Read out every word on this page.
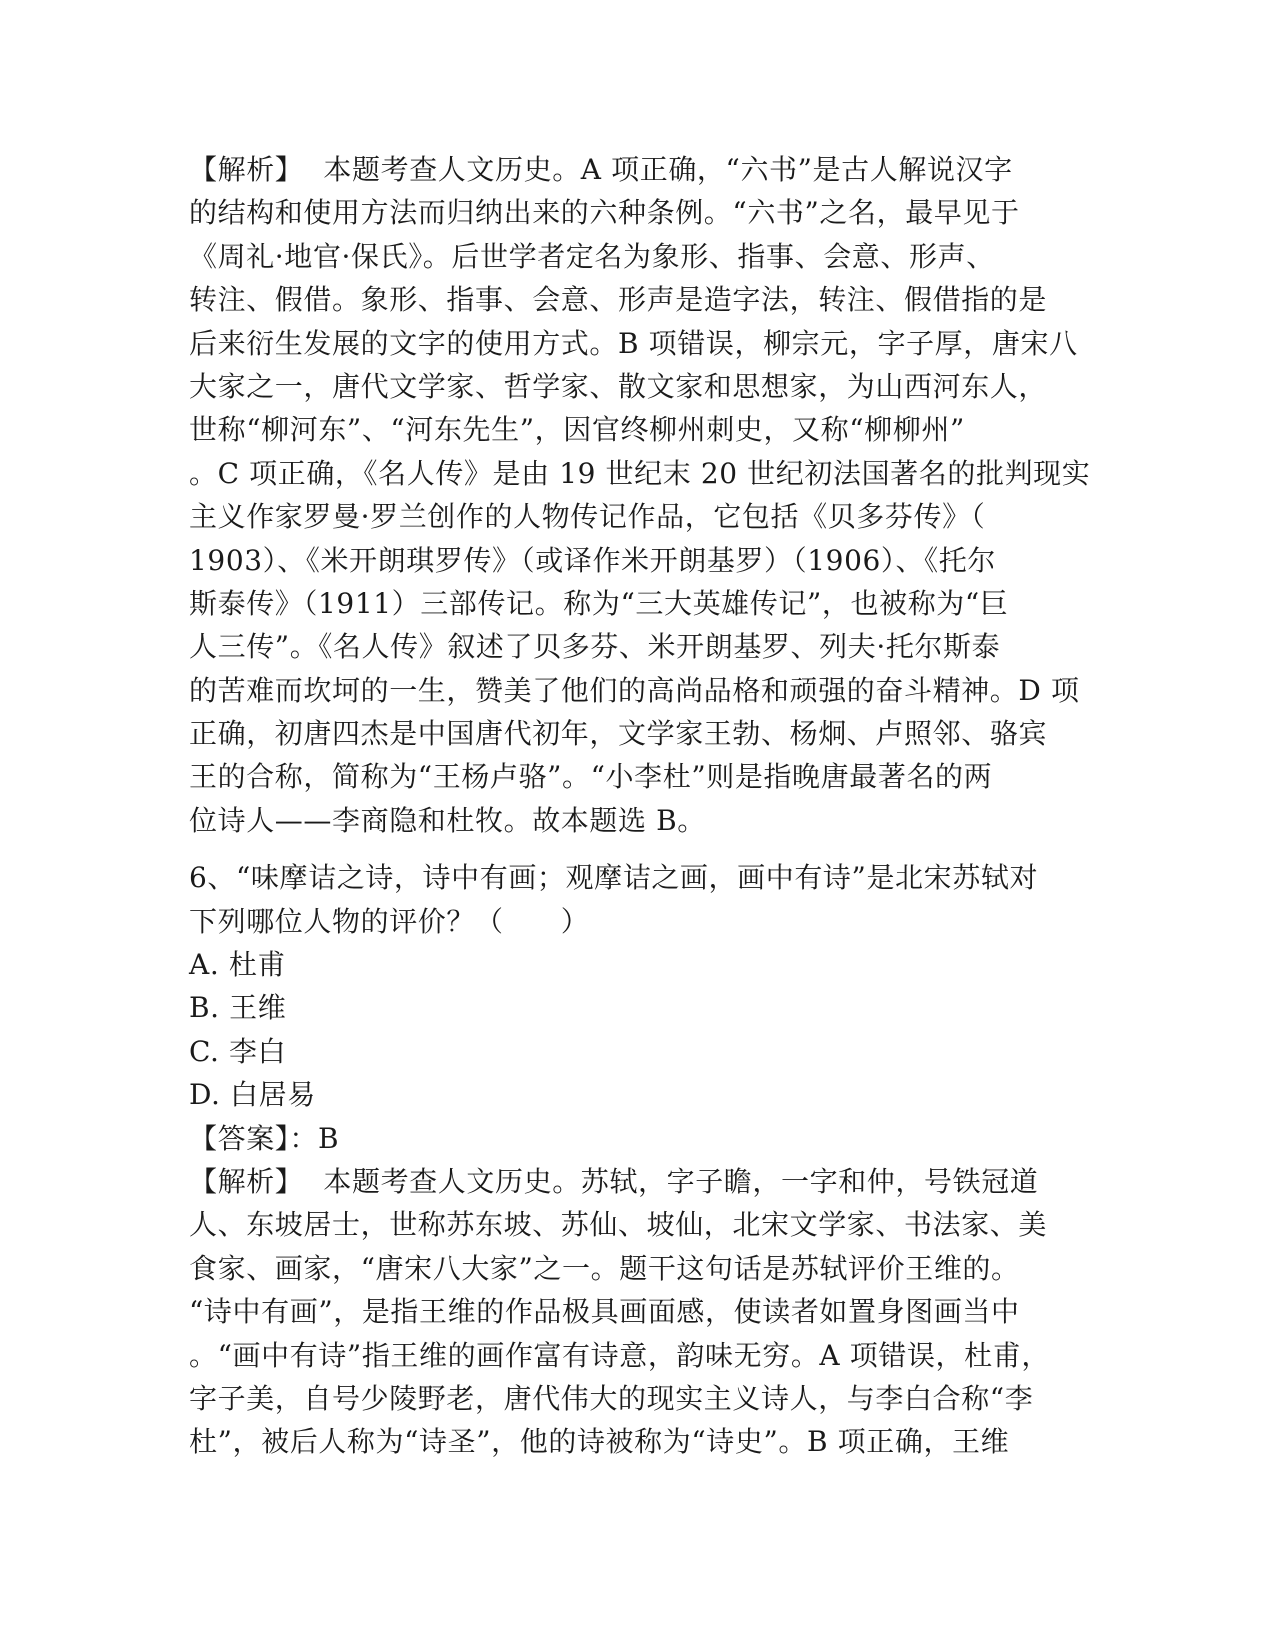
【解析】 本题考查人文历史。A 项正确，“六书”是古人解说汉字
的结构和使用方法而归纳出来的六种条例。“六书”之名，最早见于
《周礼·地官·保氏》。后世学者定名为象形、指事、会意、形声、
转注、假借。象形、指事、会意、形声是造字法，转注、假借指的是
后来衍生发展的文字的使用方式。B 项错误，柳宗元，字子厚，唐宋八
大家之一，唐代文学家、哲学家、散文家和思想家，为山西河东人，
世称“柳河东”、“河东先生”，因官终柳州刺史，又称“柳柳州”
。C 项正确，《名人传》是由 19 世纪末 20 世纪初法国著名的批判现实
主义作家罗曼·罗兰创作的人物传记作品，它包括《贝多芬传》（
1903）、《米开朗琪罗传》（或译作米开朗基罗）（1906）、《托尔
斯泰传》（1911）三部传记。称为“三大英雄传记”，也被称为“巨
人三传”。《名人传》叙述了贝多芬、米开朗基罗、列夫·托尔斯泰
的苦难而坎坷的一生，赞美了他们的高尚品格和顽强的奋斗精神。D 项
正确，初唐四杰是中国唐代初年，文学家王勃、杨炯、卢照邻、骆宾
王的合称，简称为“王杨卢骆”。“小李杜”则是指晚唐最著名的两
位诗人——李商隐和杜牧。故本题选 B。
6、“味摩诘之诗，诗中有画；观摩诘之画，画中有诗”是北宋苏轼对
下列哪位人物的评价？（　　）
A. 杜甫
B. 王维
C. 李白
D. 白居易
【答案】：B
【解析】 本题考查人文历史。苏轼，字子瞻，一字和仲，号铁冠道
人、东坡居士，世称苏东坡、苏仙、坡仙，北宋文学家、书法家、美
食家、画家，“唐宋八大家”之一。题干这句话是苏轼评价王维的。
“诗中有画”，是指王维的作品极具画面感，使读者如置身图画当中
。“画中有诗”指王维的画作富有诗意，韵味无穷。A 项错误，杜甫，
字子美，自号少陵野老，唐代伟大的现实主义诗人，与李白合称“李
杜”，被后人称为“诗圣”，他的诗被称为“诗史”。B 项正确，王维
